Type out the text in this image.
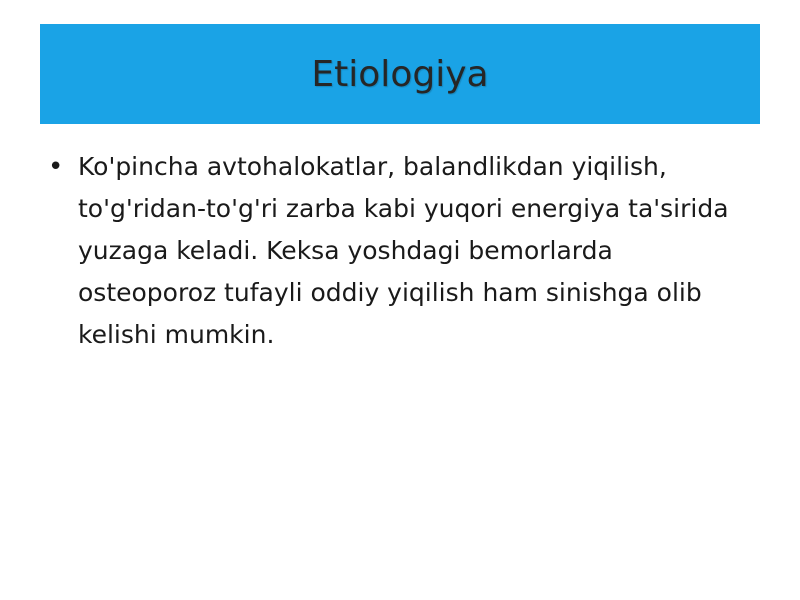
Etiologiya
• Ko'pincha avtohalokatlar, balandlikdan yiqilish, to'g'ridan-to'g'ri zarba kabi yuqori energiya ta'sirida yuzaga keladi. Keksa yoshdagi bemorlarda osteoporoz tufayli oddiy yiqilish ham sinishga olib kelishi mumkin.
